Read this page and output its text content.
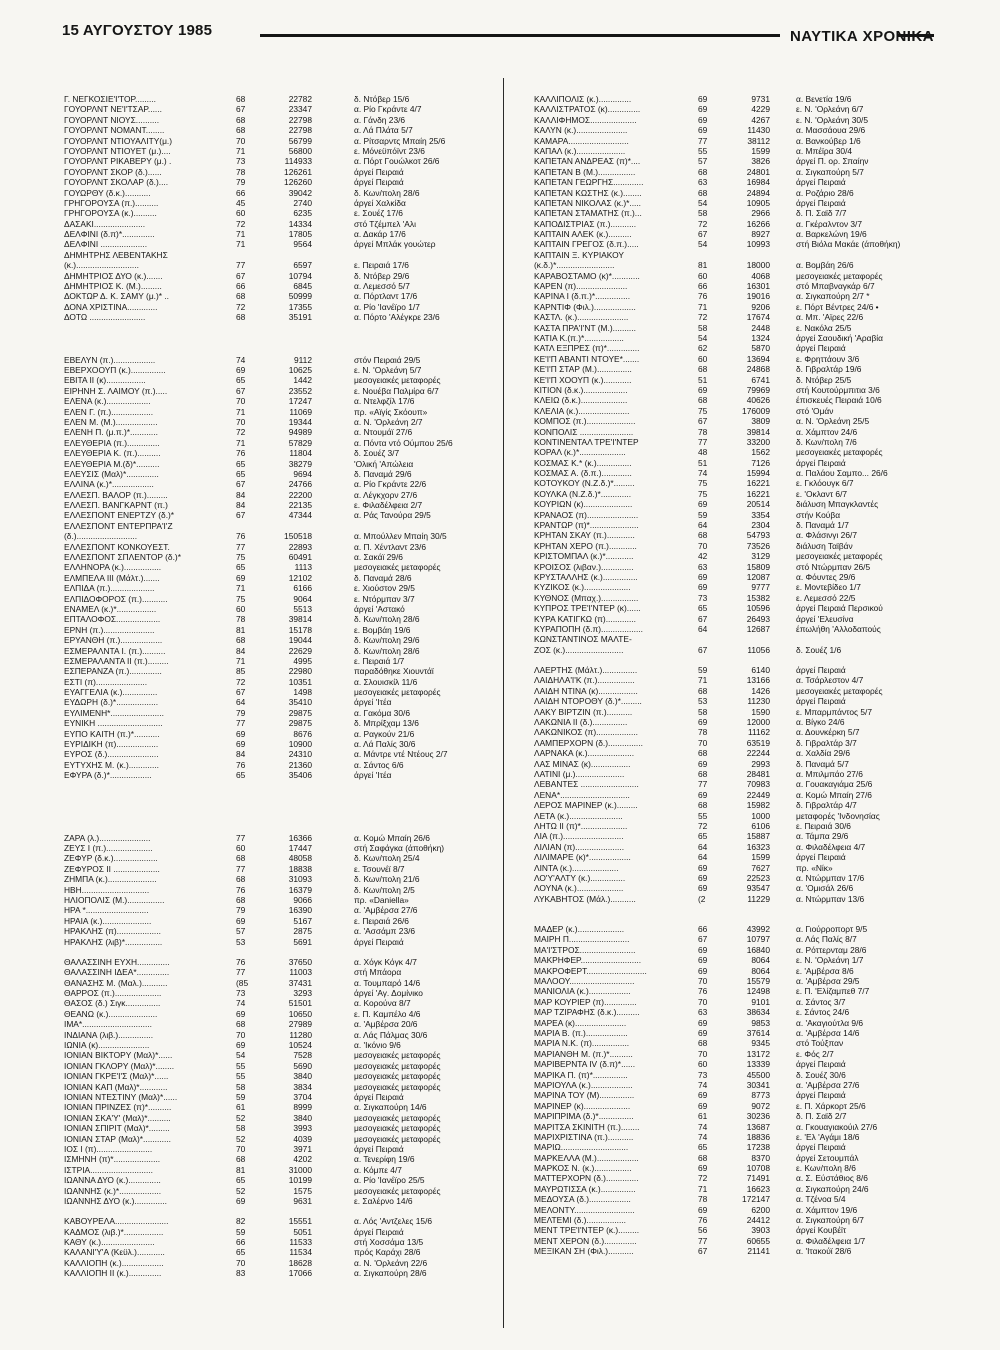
15 ΑΥΓΟΥΣΤΟΥ 1985	ΝΑΥΤΙΚΑ ΧΡΟΝΙΚΑ
Γ. ΝΕΓΚΟΣΙΕ'Ι'ΤΟΡ.........	68	22782	δ. Ντόβερ 15/6
ΓΟΥΟΡΛΝΤ ΝΕ'Ι'ΤΣΑΡ......	67	23347	α. Ρίο Γκράντε 4/7
ΓΟΥΟΡΛΝΤ ΝΙΟΥΣ..........	68	22798	α. Γάνδη 23/6
ΓΟΥΟΡΛΝΤ ΝΟΜΑΝΤ........	68	22798	α. Λά Πλάτα 5/7
ΓΟΥΟΡΛΝΤ ΝΤΙΟΥΑΛΙΤΥ(μ.)	70	56799	α. Ρίτσαρντς Μπαίη 25/6
ΓΟΥΟΡΛΝΤ ΝΤΙΟΥΕΤ (μ.)....	71	56800	ε. Μόνεϋπόϊντ 23/6
ΓΟΥΟΡΛΝΤ ΡΙΚΑΒΕΡΥ (μ.) .	73	114933	α. Πόρτ Γουώλκοτ 26/6
ΓΟΥΟΡΛΝΤ ΣΚΟΡ (δ.)......	78	126261	άργεί Πειραιά
ΓΟΥΟΡΛΝΤ ΣΚΟΛΑΡ (δ.)....	79	126260	άργεί Πειραιά
ΓΟΥΩΡΘΥ (δ.κ.)...........	66	39042	δ. Κων/πολη 28/6
ΓΡΗΓΟΡΟΥΣΑ (π.)..........	45	2740	άργεί Χαλκίδα
ΓΡΗΓΟΡΟΥΣΑ (κ.)..........	60	6235	ε. Σουέζ 17/6
ΔΑΣΑΚΙ......................	72	14334	στό Τζέμπελ 'Αλι
ΔΕΛΦΙΝΙ (δ.π)*..............	71	17805	α. Δακάρ 17/6
ΔΕΛΦΙΝΙ ....................	71	9564	άργεί Μπλάκ γουώτερ
ΔΗΜΗΤΡΗΣ ΛΕΒΕΝΤΑΚΗΣ
(κ.)...........................	77	6597	ε. Πειραιά 17/6
ΔΗΜΗΤΡΙΟΣ ΔΥΟ (κ.).......	67	10794	δ. Ντόβερ 29/6
ΔΗΜΗΤΡΙΟΣ Κ. (Μ.).........	66	6845	α. Λεμεσσό 5/7
ΔΟΚΤΩΡ Δ. Κ. ΣΑΜΥ (μ.)* ..	68	50999	α. Πόρτλαντ 17/6
ΔΟΝΑ ΧΡΙΣΤΙΝΑ.............	72	17355	α. Ρίο 'Ιανέϊρο 1/7
ΔΟΤΩ ........................	68	35191	α. Πόρτο 'Αλέγκρε 23/6
ΕΒΕΛΥΝ (π.)..................	74	9112	στόν Πειραιά 29/5
ΕΒΕΡΧΟΟΥΠ (κ.)...............	69	10625	ε. Ν. 'Ορλεάνη 5/7
ΕΒΙΤΑ ΙΙ (κ).................	65	1442	μεσογειακές μεταφορές
ΕΙΡΗΝΗ Σ. ΛΑΙΜΟΥ (π.).....	67	23552	ε. Νουέβα Παλμίρα 6/7
ΕΛΕΝΑ (κ.)...................	70	17247	α. Ντελφζίλ 17/6
ΕΛΕΝ Γ. (π.)..................	71	11069	πρ. «Αϊγίς Σκόουπ»
ΕΛΕΝ Μ. (Μ.)..................	70	19344	α. Ν. 'Ορλεάνη 2/7
ΕΛΕΝΗ Π. (μ.π.)*............	72	94989	α. Ντουμάϊ 27/6
ΕΛΕΥΘΕΡΙΑ (π.)..............	71	57829	α. Πόντα ντό Ούμπου 25/6
ΕΛΕΥΘΕΡΙΑ Κ. (π.)..........	76	11804	δ. Σουέζ 3/7
ΕΛΕΥΘΕΡΙΑ Μ.(δ)*..........	65	38279	'Ολική 'Απώλεια
ΕΛΕΥΣΙΣ (Μαλ)*..............	65	9694	δ. Παναμά 29/6
ΕΛΛΙΝΑ (κ.)*..................	67	24766	α. Ρίο Γκράντε 22/6
ΕΛΛΕΣΠ. ΒΑΛΟΡ (π.).........	84	22200	α. Λέγκχορν 27/6
ΕΛΛΕΣΠ. ΒΑΝΓΚΑΡΝΤ (π.)	84	22135	ε. Φιλαδέλφεια 2/7
ΕΛΛΕΣΠΟΝΤ ΕΝΕΡΤΖΥ (δ.)*	67	47344	α. Ράς Τανούρα 29/5
ΕΛΛΕΣΠΟΝΤ ΕΝΤΕΡΠΡΑ'Ι'Ζ
(δ.)..........................	76	150518	α. Μπούλλεν Μπαίη 30/5
ΕΛΛΕΣΠΟΝΤ ΚΟΝΚΟΥΕΣΤ.	77	22893	α. Π. Χέντλαντ 23/6
ΕΛΛΕΣΠΟΝΤ ΣΠΛΕΝΤΟΡ (δ.)*	75	60491	α. Σακάϊ 29/6
ΕΛΛΗΝΟΡΑ (κ.)................	65	1113	μεσογειακές μεταφορές
ΕΛΜΠΕΛΑ III (Μάλτ.).......	69	12102	δ. Παναμά 28/6
ΕΛΠΙΔΑ (π.)...................	71	6166	ε. Χιούστον 29/5
ΕΛΠΙΔΟΦΟΡΟΣ (π.)...........	75	9064	ε. Ντόρμπαν 3/7
ΕΝΑΜΕΛ (κ.)*.................	60	5513	άργεί 'Αστακό
ΕΠΤΑΛΟΦΟΣ...................	78	39814	δ. Κων/πολη 28/6
ΕΡΝΗ (π.)......................	81	15178	ε. Βομβάη 19/6
ΕΡΥΑΝΘΗ (π.)..................	68	19044	δ. Κων/πολη 29/6
ΕΣΜΕΡΑΛΝΤΑ Ι. (π.)..........	84	22629	δ. Κων/πολη 28/6
ΕΣΜΕΡΑΛΑΝΤΑ ΙΙ (π.).........	71	4995	ε. Πειραιά 1/7
ΕΣΠΕΡΑΝΖΑ (π.)..............	85	22980	παραδόθηκε Χιουντάϊ
ΕΣΤΙ (π)......................	72	10351	α. Σλουισκίλ 11/6
ΕΥΑΓΓΕΛΙΑ (κ.)...............	67	1498	μεσογειακές μεταφορές
ΕΥΔΩΡΗ (δ.)*..................	64	35410	άργεί 'Ιτέα
ΕΥΛΙΜΕΝΗ*.......................	79	29875	α. Γακόμα 30/6
ΕΥΝΙΚΗ ............................	77	29875	δ. Μπρίξχαμ 13/6
ΕΥΠΟ ΚΑΙΤΗ (π.)*...........	69	8676	α. Ραγκούν 21/6
ΕΥΡΙΔΙΚΗ (π)..................	69	10900	α. Λά Παλίς 30/6
ΕΥΡΟΣ (δ.)......................	84	24310	α. Μάντρε ντέ Ντέους 2/7
ΕΥΤΥΧΗΣ Μ. (κ.).............	76	21360	α. Σάντος 6/6
ΕΦΥΡΑ (δ.)*..................	65	35406	άργεί 'Ιτέα
ΖΑΡΑ (λ.)......................	77	16366	α. Κομώ Μπαίη 26/6
ΖΕΥΣ Ι (π.)....................	60	17447	στή Σαφάγκα (άποθήκη)
ΖΕΦΥΡ (δ.κ.)...................	68	48058	δ. Κων/πολη 25/4
ΖΕΦΥΡΟΣ ΙΙ ....................	77	18838	ε. Τσουνέϊ 8/7
ΖΗΜΠΑ (κ.).....................	68	31093	δ. Κων/πολη 21/6
ΗΒΗ.............................	76	16379	δ. Κων/πολη 2/5
ΗΛΙΟΠΟΛΙΣ (Μ.)................	68	9066	πρ. «Daniella»
ΗΡΑ *...........................	79	16390	α. 'Αμβέρσα 27/6
ΗΡΑΙΑ (κ.).....................	69	5167	ε. Πειραιά 26/6
ΗΡΑΚΛΗΣ (π)...................	57	2875	α. 'Ασσάμπ 23/6
ΗΡΑΚΛΗΣ (λιβ)*................	53	5691	άργεί Πειραιά
ΘΑΛΑΣΣΙΝΗ ΕΥΧΗ..............	76	37650	α. Χόγκ Κόγκ 4/7
ΘΑΛΑΣΣΙΝΗ ΙΔΕΑ*..............	77	11003	στή Μπάορα
ΘΑΝΑΣΗΣ Μ. (Μαλ.)...........	(85	37431	α. Τουμπαρό 14/6
ΘΑΡΡΟΣ (π.)....................	73	3293	άργεί 'Αγ. Δομίνικο
ΘΑΣΟΣ (δ.) Σιγκ...............	74	51501	α. Κορούνα 8/7
ΘΕΑΝΩ (κ.).....................	69	10650	ε. Π. Καμπέλο 4/6
ΙΜΑ*..............................	68	27989	α. 'Αμβέρσα 20/6
ΙΝΔΙΑΝΑ (λιβ.)...............	70	11280	α. Λάς Πάλμας 30/6
ΙΩΝΙΑ (κ)......................	69	10524	α. 'Ικόνιο 9/6
ΙΟΝΙΑΝ ΒΙΚΤΟΡΥ (Μαλ)*......	54	7528	μεσογειακές μεταφορές
ΙΟΝΙΑΝ ΓΚΛΟΡΥ (Μαλ)*........	55	5690	μεσογειακές μεταφορές
ΙΟΝΙΑΝ ΓΚΡΕ'Ι'Σ (Μαλ)*......	55	3840	μεσογειακές μεταφορές
ΙΟΝΙΑΝ ΚΑΠ (Μαλ)*............	58	3834	μεσογειακές μεταφορές
ΙΟΝΙΑΝ ΝΤΕΣΤΙΝΥ (Μαλ)*......	59	3704	άργεί Πειραιά
ΙΟΝΙΑΝ ΠΡΙΝΖΕΣ (π)*..........	61	8999	α. Σιγκαπούρη 14/6
ΙΟΝΙΑΝ ΣΚΑ'Υ' (Μαλ)*..........	52	3840	μεσογειακές μεταφορές
ΙΟΝΙΑΝ ΣΠΙΡΙΤ (Μαλ)*.........	58	3993	μεσογειακές μεταφορές
ΙΟΝΙΑΝ ΣΤΑΡ (Μαλ)*............	52	4039	μεσογειακές μεταφορές
ΙΟΣ Ι (π)........................	70	3971	άργεί Πειραιά
ΙΣΜΗΝΗ (π)*....................	68	4202	α. Τενερίφη 19/6
ΙΣΤΡΙΑ...........................	81	31000	α. Κόμπε 4/7
ΙΩΑΝΝΑ ΔΥΟ (κ.)..............	65	10199	α. Ρίο 'Ιανέϊρο 25/5
ΙΩΑΝΝΗΣ (κ.)*..................	52	1575	μεσογειακές μεταφορές
ΙΩΑΝΝΗΣ ΔΥΟ (κ.)..............	69	9631	ε. Σαλέρνο 14/6
ΚΑΒΟΥΡΕΛΑ.......................	82	15551	α. Λός 'Αντζελες 15/6
ΚΑΔΜΟΣ (λιβ.)*.................	59	5051	άργεί Πειραιά
ΚΑΘΥ (κ.).......................	66	11533	στή Χοσσάμα 13/5
ΚΑΛΑΝΙ'Υ'Α (Κεϋλ.)............	65	11534	πρός Καράχι 28/6
ΚΑΛΛΙΟΠΗ (κ.)..................	70	18628	α. Ν. 'Ορλεάνη 22/6
ΚΑΛΛΙΟΠΗ ΙΙ (κ.)..............	83	17066	α. Σιγκαπούρη 28/6
ΚΑΛΛΙΠΟΛΙΣ (κ.)..............	69	9731	α. Βενετία 19/6
ΚΑΛΛΙΣΤΡΑΤΟΣ (κ)..............	69	4229	ε. Ν. 'Ορλεάνη 6/7
ΚΑΛΛΙΦΗΜΟΣ....................	69	4267	ε. Ν. 'Ορλεάνη 30/5
ΚΑΛΥΝ (κ.)......................	69	11430	α. Μασσάουα 29/6
ΚΑΜΑΡΑ..........................	77	38112	α. Βανκούβερ 1/6
ΚΑΠΑΛ (κ.).....................	55	1599	α. Μπέϊρα 30/4
ΚΑΠΕΤΑΝ ΑΝΔΡΕΑΣ (π)*....	57	3826	άργεί Π. ορ. Σπαίην
ΚΑΠΕΤΑΝ Β (Μ.)................	68	24801	α. Σιγκαπούρη 5/7
ΚΑΠΕΤΑΝ ΓΕΩΡΓΗΣ.............	63	16984	άργεί Πειραιά
ΚΑΠΕΤΑΝ ΚΩΣΤΗΣ (κ.)........	68	24894	α. Ροζάριο 28/6
ΚΑΠΕΤΑΝ ΝΙΚΟΛΑΣ (κ.)*.....	54	10905	άργεί Πειραιά
ΚΑΠΕΤΑΝ ΣΤΑΜΑΤΗΣ (π.)...	58	2966	δ. Π. Σαϊδ 7/7
ΚΑΠΟΔΙΣΤΡΙΑΣ (π.)...........	72	16266	α. Γκέραλντον 3/7
ΚΑΠΤΑΙΝ ΑΛΕΚ (κ.)..........	67	8927	α. Βαρκελώνη 19/6
ΚΑΠΤΑΙΝ ΓΡΕΓΟΣ (δ.π.).....	54	10993	στή Βιόλα Μακάε (άποθήκη)
ΚΑΠΤΑΙΝ Ξ. ΚΥΡΙΑΚΟΥ
(κ.δ.)*.........................	81	18000	α. Βομβάη 26/6
ΚΑΡΑΒΟΣΤΑΜΟ (κ)*............	60	4068	μεσογειακές μεταφορές
ΚΑΡΕΝ (π)......................	66	16301	στό Μπαβναγκάρ 6/7
ΚΑΡΙΝΑ Ι (δ.π.)*...............	76	19016	α. Σιγκαπούρη 2/7 *
ΚΑΡΝΤΙΦ (Φιλ.)..................	71	9206	ε. Πόρτ Βέντρες 24/6 •
ΚΑΣΤΛ. (κ.)......................	72	17674	α. Μπ. 'Αϊρες 22/6
ΚΑΣΤΑ ΠΡΑ'Ι'ΝΤ (Μ.)..........	58	2448	ε. Νακόλα 25/5
ΚΑΤΙΑ Κ.(π.)*.................	54	1324	άργεί Σαουδική 'Αραβία
ΚΑΤΛ ΕΞΠΡΕΣ (π)*..............	62	5870	άργεί Πειραιά
ΚΕ'Ι'Π ΑΒΑΝΤΙ ΝΤΟΥΕ*.......	60	13694	ε. Φρηττάουν 3/6
ΚΕ'Ι'Π ΣΤΑΡ (Μ.)...............	68	24868	δ. Γιβραλτάρ 19/6
ΚΕ'Ι'Π ΧΟΟΥΠ (κ.)............	51	6741	δ. Ντόβερ 25/5
ΚΙΤΙΟΝ (δ.κ.)...................	69	79969	στή Κουτούρμπιτια 3/6
ΚΛΕΙΩ (δ.κ.)....................	68	40626	έπισκευές Πειραιά 10/6
ΚΛΕΛΙΑ (κ.)......................	75	176009	στό 'Ομάν
ΚΟΜΠΟΣ (π.).....................	67	3809	α. Ν. 'Ορλεάνη 25/5
ΚΟΝΠΟΛΙΣ .......................	78	39814	α. Χάμπτον 24/6
ΚΟΝΤΙΝΕΝΤΑΛ ΤΡΕ'Ι'ΝΤΕΡ	77	33200	δ. Κων/πολη 7/6
ΚΟΡΑΛ (κ.)*....................	48	1562	μεσογειακές μεταφορές
ΚΟΣΜΑΣ Κ.* (κ.)...............	51	7126	άργεί Πειραιά
ΚΟΣΜΑΣ Α. (δ.π.).............	74	15994	α. Παλάου Σαμπο... 26/6
ΚΟΤΟΥΚΟΥ (Ν.Ζ.δ.)*.........	75	16221	ε. Γκλόουγκ 6/7
ΚΟΥΛΚΑ (Ν.Ζ.δ.)*.............	75	16221	ε. 'Οκλαντ 6/7
ΚΟΥΡΙΩΝ (κ).....................	69	20514	διάλυση Μπαγκλαντές
ΚΡΑΝΑΟΣ (π)......................	59	3354	στήν Κούβα
ΚΡΑΝΤΩΡ (π)*.....................	64	2304	δ. Παναμά 1/7
ΚΡΗΤΑΝ ΣΚΑΥ (π.)............	68	54793	α. Φλάσινγι 26/7
ΚΡΗΤΑΝ ΧΕΡΟ (π.)............	70	73526	διάλυση Ταϊβάν
ΚΡΙΣΤΟΜΠΑΛ (κ.)*............	42	3129	μεσογειακές μεταφορές
ΚΡΟΙΣΟΣ (λιβαν.)..............	63	15809	στό Ντώρμπαν 26/5
ΚΡΥΣΤΑΛΛΗΣ (κ.)...............	69	12087	α. Φόυντες 29/6
ΚΥΖΙΚΟΣ (κ.)....................	69	9777	ε. Μοντεβίδεο 1/7
ΚΥΘΝΟΣ (Μπαχ.)................	73	15382	ε. Λεμεσσό 22/5
ΚΥΠΡΟΣ ΤΡΕ'Ι'ΝΤΕΡ (κ)......	65	10596	άργεί Πειραιά Περσικού
ΚΥΡΑ ΚΑΤΙΓΚΩ (π).............	67	26493	άργεί 'Ελευσίνα
ΚΥΡΑΠΟΠΗ (δ.π)..................	64	12687	έπωλήθη 'Αλλοδαπούς
ΚΩΝΣΤΑΝΤΙΝΟΣ ΜΑΛΤΕ-
ΖΟΣ (κ.).........................	67	11056	δ. Σουέζ 1/6
ΛΑΕΡΤΗΣ (Μάλτ.)...............	59	6140	άργεί Πειραιά
ΛΑΙΔΗΛΑ'Ι'Κ (π.)................	71	13166	α. Τσάρλεστον 4/7
ΛΑΙΔΗ ΝΤΙΝΑ (κ).................	68	1426	μεσογειακές μεταφορές
ΛΑΙΔΗ ΝΤΟΡΟΘΥ (δ.)*.........	53	11230	άργεί Πειραιά
ΛΑΚΥ ΒΙΡΤΖΙΝ (π.)...........	58	1590	ε. Μπαρμπάντος 5/7
ΛΑΚΩΝΙΑ ΙΙ (δ.)...............	69	12000	α. Βίγκο 24/6
ΛΑΚΩΝΙΚΟΣ (π)..................	78	11162	α. Δουνκέρκη 5/7
ΛΑΜΠΕΡΧΟΡΝ (δ.)...............	70	63519	δ. Γιβραλτάρ 3/7
ΛΑΡΝΑΚΑ (κ.)....................	68	22244	α. Χαλδία 29/6
ΛΑΣ ΜΙΝΑΣ (κ).................	69	2993	δ. Παναμά 5/7
ΛΑΤΙΝΙ (μ.).....................	68	28481	α. Μπιλμπάο 27/6
ΛΕΒΑΝΤΕΣ .........................	77	70983	α. Γουακαγιάμα 25/6
ΛΕΝΑ*..............................	69	22449	α. Κομώ Μπαίη 27/6
ΛΕΡΟΣ ΜΑΡΙΝΕΡ (κ.).........	68	15982	δ. Γιβραλτάρ 4/7
ΛΕΤΑ (κ.).......................	55	1000	μεταφορές 'Ινδονησίας
ΛΗΤΩ ΙΙ (π)*....................	72	6106	ε. Πειραιά 30/6
ΛΙΑ (π.)..........................	65	15887	α. Τάμπα 29/6
ΛΙΛΙΑΝ (π).....................	64	16323	α. Φιλαδέλφεια 4/7
ΛΙΛΙΜΑΡΕ (κ)*..................	64	1599	άργεί Πειραιά
ΛΙΝΤΑ (κ.)....................	69	7627	πρ. «Νίκ»
ΛΟ'Υ'ΑΛΤΥ (κ.)...............	69	22523	α. Ντώρμπαν 17/6
ΛΟΥΝΑ (κ.)....................	69	93547	α. 'Ομισάλ 26/6
ΛΥΚΑΒΗΤΟΣ (Μάλ.)...........	(2	11229	α. Ντώρμπαν 13/6
ΜΑΔΕΡ (κ.)....................	66	43992	α. Γιούρροπορτ 9/5
ΜΑΙΡΗ Π..........................	67	10797	α. Λάς Παλίς 8/7
ΜΑ'Ι'ΣΤΡΟΣ........................	69	16840	α. Ρόττερνταμ 28/6
ΜΑΚΡΗΦΕΡ..........................	69	8064	ε. Ν. 'Ορλεάνη 1/7
ΜΑΚΡΟΦΕΡΤ..........................	69	8064	ε. 'Αμβέρσα 8/6
ΜΑΛΟΟΥ............................	70	15579	α. 'Αμβέρσα 29/5
ΜΑΝΙΟΛΙΑ (κ.)..................	76	12498	ε. Π. 'Ελίζαμπεθ 7/7
ΜΑΡ ΚΟΥΡΙΕΡ (π)..............	70	9101	α. Σάντος 3/7
ΜΑΡ ΤΖΙΡΑΦΗΣ (δ.κ.)..........	63	38634	ε. Σάντος 24/6
ΜΑΡΕΑ (κ)......................	69	9853	α. 'Ακαγιούτλα 9/6
ΜΑΡΙΑ Β. (π.)..................	69	37614	α. 'Αμβέρσα 14/6
ΜΑΡΙΑ Ν.Κ. (π)................	68	9345	στό Τούξπαν
ΜΑΡΙΑΝΘΗ Μ. (π.)*..........	70	13172	ε. Φός 2/7
ΜΑΡΙΒΕΡΝΤΑ ΙV (δ.π)*......	60	13339	άργεί Πειραιά
ΜΑΡΙΚΑ Π. (π)*...............	73	45500	δ. Σουέζ 30/6
ΜΑΡΙΟΥΛΑ (κ.)..................	74	30341	α. 'Αμβέρσα 27/6
ΜΑΡΙΝΑ ΤΟΥ (Μ)...............	69	8773	άργεί Πειραιά
ΜΑΡΙΝΕΡ (κ)....................	69	9072	ε. Π. Χάρκορτ 25/6
ΜΑΡΙΠΡΙΜΑ (δ.)*...............	61	30236	δ. Π. Σαϊδ 2/7
ΜΑΡΙΤΣΑ ΣΚΙΝΙΤΗ (π.)........	74	13687	α. Γκουαγιακούιλ 27/6
ΜΑΡΙΧΡΙΣΤΙΝΑ (π.)...........	74	18836	ε. 'Ελ 'Αγάμι 18/6
ΜΑΡΙΩ.............................	65	17238	άργεί Πειραιά
ΜΑΡΚΕΛΛΑ (Μ.)..................	68	8370	άργεί Σετουμπάλ
ΜΑΡΚΟΣ Ν. (κ.)................	69	10708	ε. Κων/πολη 8/6
ΜΑΤΤΕΡΧΟΡΝ (δ.)..............	72	71491	α. Σ. Εύστάθιος 8/6
ΜΑΥΡΩΤΙΣΣΑ (κ.)...............	71	16623	α. Σιγκαπούρη 24/6
ΜΕΔΟΥΣΑ (δ.)..................	78	172147	α. Τζένοα 5/4
ΜΕΛΟΝΤΥ..........................	69	6200	α. Χάμπτον 19/6
ΜΕΛΤΕΜΙ (δ.).................	76	24412	α. Σιγκαπούρη 6/7
ΜΕΝΤ ΤΡΕ'Ι'ΝΤΕΡ (κ.).........	56	3903	άργεί Κουβέϊτ
ΜΕΝΤ ΧΕΡΟΝ (δ.)..............	77	60655	α. Φιλαδέλφεια 1/7
ΜΕΞΙΚΑΝ ΣΗ (Φιλ.)...........	67	21141	α. 'Ιτακούϊ 28/6
